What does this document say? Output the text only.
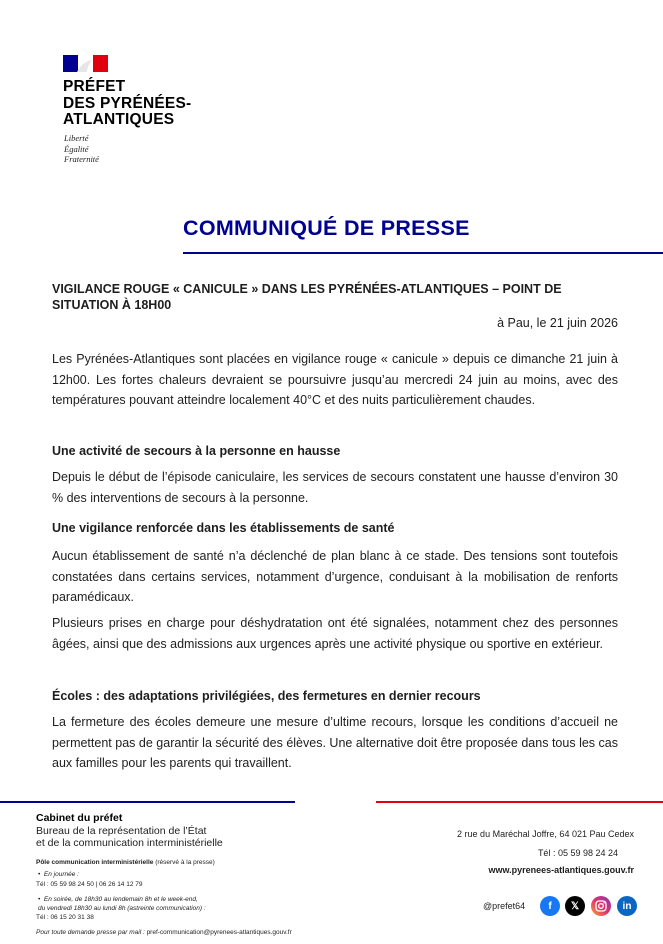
PRÉFET
DES PYRÉNÉES-
ATLANTIQUES
Liberté
Égalité
Fraternité
COMMUNIQUÉ DE PRESSE
VIGILANCE ROUGE « CANICULE » DANS LES PYRÉNÉES-ATLANTIQUES – POINT DE SITUATION À 18H00
à Pau, le 21 juin 2026
Les Pyrénées-Atlantiques sont placées en vigilance rouge « canicule » depuis ce dimanche 21 juin à 12h00. Les fortes chaleurs devraient se poursuivre jusqu’au mercredi 24 juin au moins, avec des températures pouvant atteindre localement 40°C et des nuits particulièrement chaudes.
Une activité de secours à la personne en hausse
Depuis le début de l’épisode caniculaire, les services de secours constatent une hausse d’environ 30 % des interventions de secours à la personne.
Une vigilance renforcée dans les établissements de santé
Aucun établissement de santé n’a déclenché de plan blanc à ce stade. Des tensions sont toutefois constatées dans certains services, notamment d’urgence, conduisant à la mobilisation de renforts paramédicaux.
Plusieurs prises en charge pour déshydratation ont été signalées, notamment chez des personnes âgées, ainsi que des admissions aux urgences après une activité physique ou sportive en extérieur.
Écoles : des adaptations privilégiées, des fermetures en dernier recours
La fermeture des écoles demeure une mesure d’ultime recours, lorsque les conditions d’accueil ne permettent pas de garantir la sécurité des élèves. Une alternative doit être proposée dans tous les cas aux familles pour les parents qui travaillent.
Cabinet du préfet
Bureau de la représentation de l’État
et de la communication interministérielle
Pôle communication interministérielle (réservé à la presse)
•  En journée :
Tél : 05 59 98 24 50 | 06 26 14 12 79
•  En soirée, de 18h30 au lendemain 8h et le week-end,
du vendredi 18h30 au lundi 8h (astreinte communication) :
Tél : 06 15 20 31 38
Pour toute demande presse par mail : pref-communication@pyrenees-atlantiques.gouv.fr
2 rue du Maréchal Joffre, 64 021 Pau Cedex
Tél : 05 59 98 24 24
www.pyrenees-atlantiques.gouv.fr
@prefet64	f	𝕏	in
